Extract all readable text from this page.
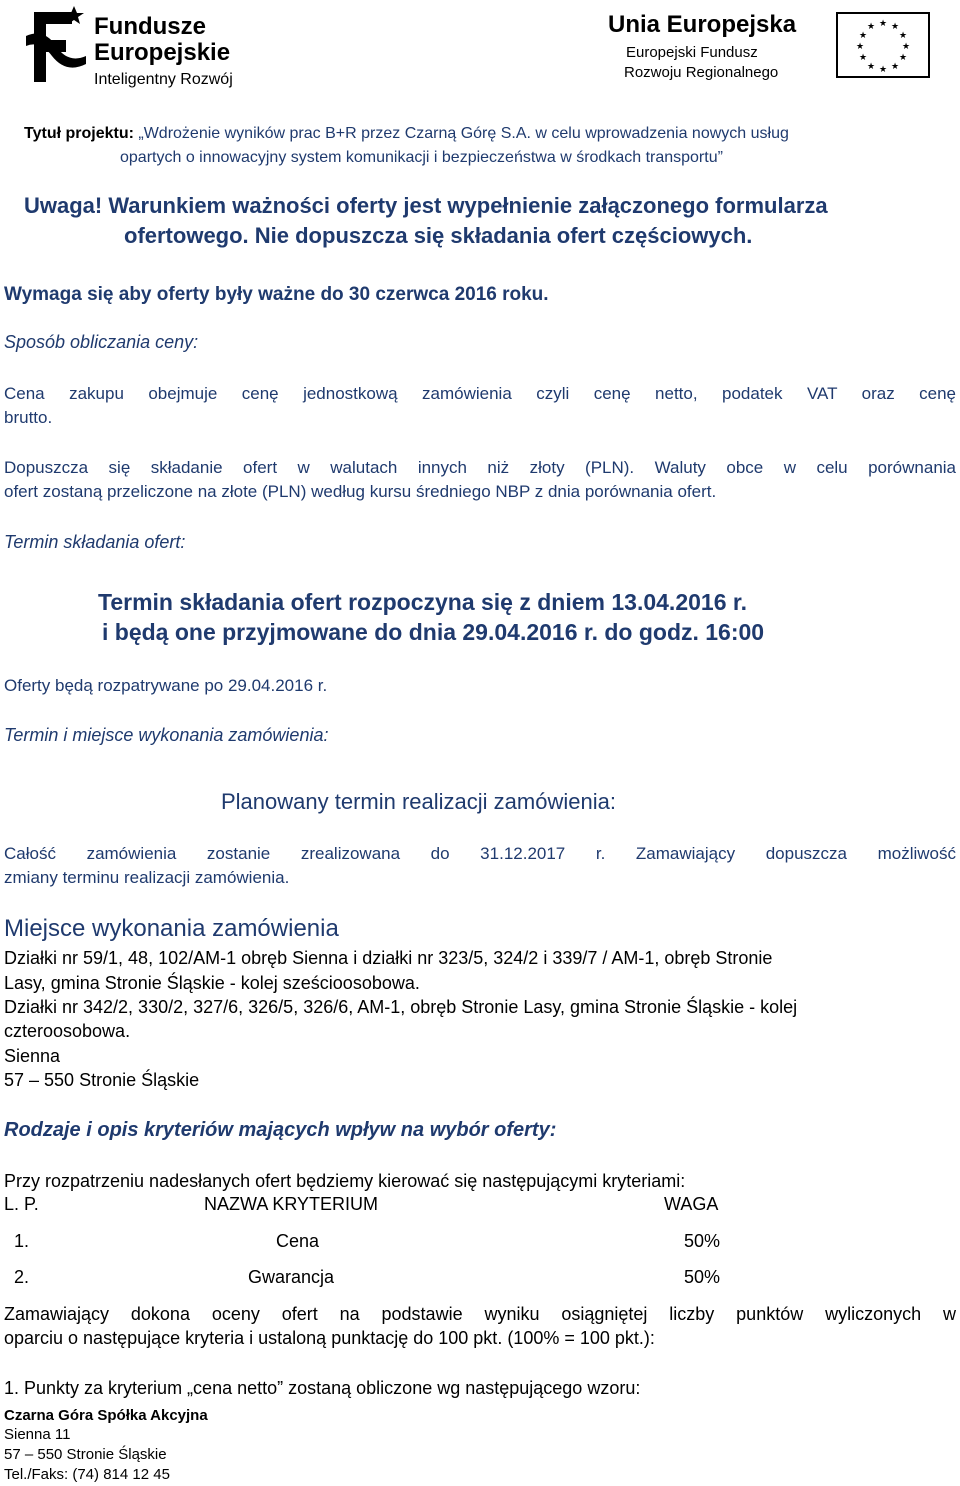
Fundusze
Europejskie
Inteligentny Rozwój
Unia Europejska
Europejski Fundusz
Rozwoju Regionalnego
★ ★
★
★
★
★
★
★
★
★
★
★
Tytuł projektu: „Wdrożenie wyników prac B+R przez Czarną Górę S.A. w celu wprowadzenia nowych usług
opartych o innowacyjny system komunikacji i bezpieczeństwa w środkach transportu”
Uwaga! Warunkiem ważności oferty jest wypełnienie załączonego formularza
ofertowego. Nie dopuszcza się składania ofert częściowych.
Wymaga się aby oferty były ważne do 30 czerwca 2016 roku.
Sposób obliczania ceny:
Cena zakupu obejmuje cenę jednostkową zamówienia czyli cenę netto, podatek VAT oraz cenę
brutto.
Dopuszcza się składanie ofert w walutach innych niż złoty (PLN). Waluty obce w celu porównania
ofert zostaną przeliczone na złote (PLN) według kursu średniego NBP z dnia porównania ofert.
Termin składania ofert:
Termin składania ofert rozpoczyna się z dniem 13.04.2016 r.
i będą one przyjmowane do dnia 29.04.2016 r. do godz. 16:00
Oferty będą rozpatrywane po 29.04.2016 r.
Termin i miejsce wykonania zamówienia:
Planowany termin realizacji zamówienia:
Całość zamówienia zostanie zrealizowana do 31.12.2017 r. Zamawiający dopuszcza możliwość
zmiany terminu realizacji zamówienia.
Miejsce wykonania zamówienia
Działki nr 59/1, 48, 102/AM-1 obręb Sienna i działki nr 323/5, 324/2 i 339/7 / AM-1, obręb Stronie
Lasy, gmina Stronie Śląskie - kolej sześcioosobowa.
Działki nr 342/2, 330/2, 327/6, 326/5, 326/6, AM-1, obręb Stronie Lasy, gmina Stronie Śląskie - kolej
czteroosobowa.
Sienna
57 – 550 Stronie Śląskie
Rodzaje i opis kryteriów mających wpływ na wybór oferty:
Przy rozpatrzeniu nadesłanych ofert będziemy kierować się następującymi kryteriami:
L. P.	NAZWA KRYTERIUM	WAGA
1.	Cena	50%
2.	Gwarancja	50%
Zamawiający dokona oceny ofert na podstawie wyniku osiągniętej liczby punktów wyliczonych w
oparciu o następujące kryteria i ustaloną punktację do 100 pkt. (100% = 100 pkt.):
1. Punkty za kryterium „cena netto” zostaną obliczone wg następującego wzoru:
Czarna Góra Spółka Akcyjna
Sienna 11
57 – 550 Stronie Śląskie
Tel./Faks: (74) 814 12 45
